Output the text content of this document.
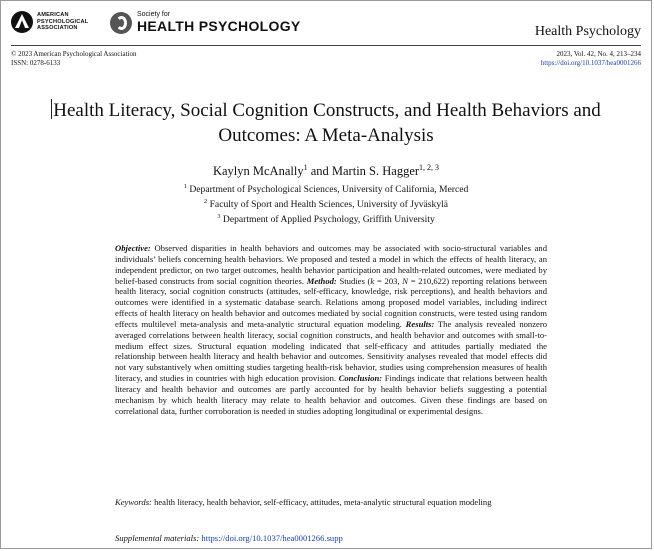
AMERICAN
PSYCHOLOGICAL
ASSOCIATION
Society for
HEALTH PSYCHOLOGY	Health Psychology
© 2023 American Psychological Association
ISSN: 0278-6133
2023, Vol. 42, No. 4, 213–234
https://doi.org/10.1037/hea0001266
Health Literacy, Social Cognition Constructs, and Health Behaviors and Outcomes: A Meta-Analysis
Kaylyn McAnally$^1$ and Martin S. Hagger$^{1, 2, 3}$
$^1$ Department of Psychological Sciences, University of California, Merced
$^2$ Faculty of Sport and Health Sciences, University of Jyväskylä
$^3$ Department of Applied Psychology, Griffith University
Objective: Observed disparities in health behaviors and outcomes may be associated with socio-structural variables and individuals’ beliefs concerning health behaviors. We proposed and tested a model in which the effects of health literacy, an independent predictor, on two target outcomes, health behavior participation and health-related outcomes, were mediated by belief-based constructs from social cognition theories. Method: Studies (k = 203, N = 210,622) reporting relations between health literacy, social cognition constructs (attitudes, self-efficacy, knowledge, risk perceptions), and health behaviors and outcomes were identified in a systematic database search. Relations among proposed model variables, including indirect effects of health literacy on health behavior and outcomes mediated by social cognition constructs, were tested using random effects multilevel meta-analysis and meta-analytic structural equation modeling. Results: The analysis revealed nonzero averaged correlations between health literacy, social cognition constructs, and health behavior and outcomes with small-to-medium effect sizes. Structural equation modeling indicated that self-efficacy and attitudes partially mediated the relationship between health literacy and health behavior and outcomes. Sensitivity analyses revealed that model effects did not vary substantively when omitting studies targeting health-risk behavior, studies using comprehension measures of health literacy, and studies in countries with high education provision. Conclusion: Findings indicate that relations between health literacy and health behavior and outcomes are partly accounted for by health behavior beliefs suggesting a potential mechanism by which health literacy may relate to health behavior and outcomes. Given these findings are based on correlational data, further corroboration is needed in studies adopting longitudinal or experimental designs.
Keywords: health literacy, health behavior, self-efficacy, attitudes, meta-analytic structural equation modeling
Supplemental materials: https://doi.org/10.1037/hea0001266.supp
